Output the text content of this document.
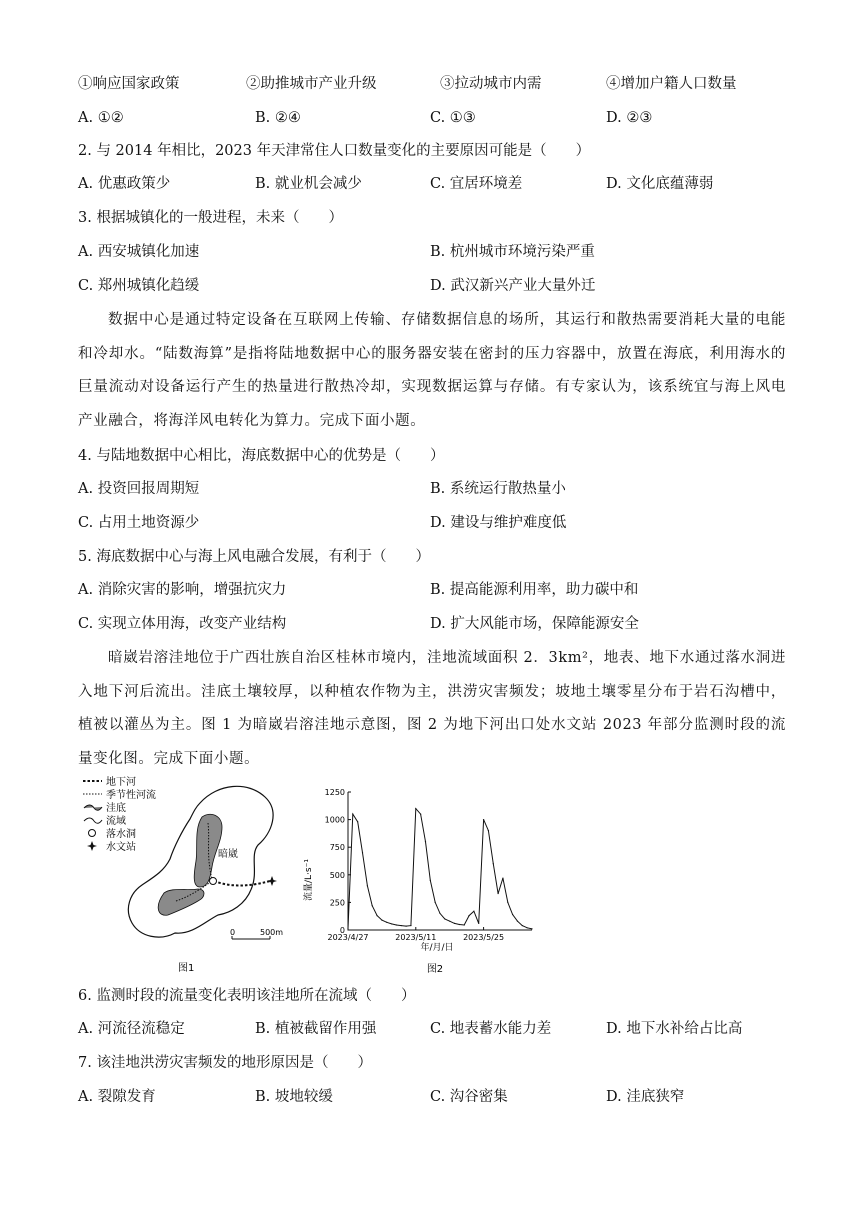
①响应国家政策	②助推城市产业升级	③拉动城市内需	④增加户籍人口数量
A. ①②	B. ②④	C. ①③	D. ②③
2. 与 2014 年相比，2023 年天津常住人口数量变化的主要原因可能是（　　）
A. 优惠政策少	B. 就业机会减少	C. 宜居环境差	D. 文化底蕴薄弱
3. 根据城镇化的一般进程，未来（　　）
A. 西安城镇化加速	B. 杭州城市环境污染严重
C. 郑州城镇化趋缓	D. 武汉新兴产业大量外迁

数据中心是通过特定设备在互联网上传输、存储数据信息的场所，其运行和散热需要消耗大量的电能和冷却水。“陆数海算”是指将陆地数据中心的服务器安装在密封的压力容器中，放置在海底，利用海水的巨量流动对设备运行产生的热量进行散热冷却，实现数据运算与存储。有专家认为，该系统宜与海上风电产业融合，将海洋风电转化为算力。完成下面小题。

4. 与陆地数据中心相比，海底数据中心的优势是（　　）
A. 投资回报周期短	B. 系统运行散热量小
C. 占用土地资源少	D. 建设与维护难度低
5. 海底数据中心与海上风电融合发展，有利于（　　）
A. 消除灾害的影响，增强抗灾力	B. 提高能源利用率，助力碳中和
C. 实现立体用海，改变产业结构	D. 扩大风能市场，保障能源安全

暗崴岩溶洼地位于广西壮族自治区桂林市境内，洼地流域面积 2．3km²，地表、地下水通过落水洞进入地下河后流出。洼底土壤较厚，以种植农作物为主，洪涝灾害频发；坡地土壤零星分布于岩石沟槽中，植被以灌丛为主。图 1 为暗崴岩溶洼地示意图，图 2 为地下河出口处水文站 2023 年部分监测时段的流量变化图。完成下面小题。

地下河
季节性河流
洼底
流域
落水洞
水文站
暗崴
0	500m
图1
1250
1000
750
500
250
0
2023/4/27	2023/5/11	2023/5/25
流量/L·s⁻¹
年/月/日
图2
6. 监测时段的流量变化表明该洼地所在流域（　　）
A. 河流径流稳定	B. 植被截留作用强	C. 地表蓄水能力差	D. 地下水补给占比高
7. 该洼地洪涝灾害频发的地形原因是（　　）
A. 裂隙发育	B. 坡地较缓	C. 沟谷密集	D. 洼底狭窄
